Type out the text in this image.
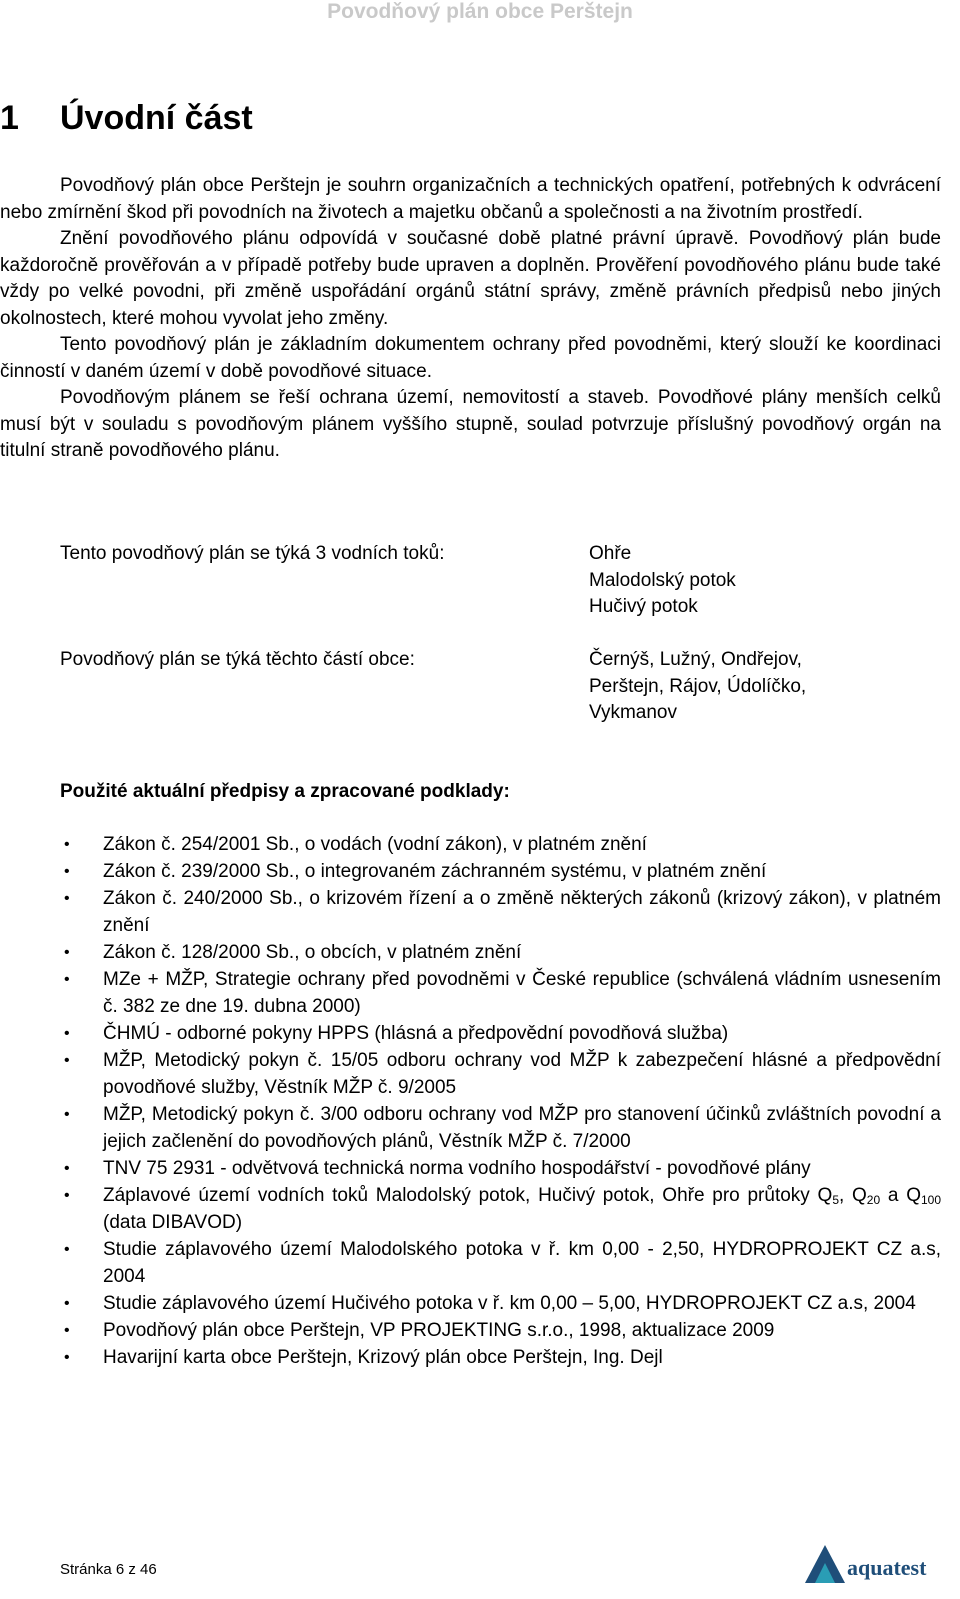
Povodňový plán obce Perštejn
1 Úvodní část

Povodňový plán obce Perštejn je souhrn organizačních a technických opatření, potřebných k odvrácení nebo zmírnění škod při povodních na životech a majetku občanů a společnosti a na životním prostředí.

Znění povodňového plánu odpovídá v současné době platné právní úpravě. Povodňový plán bude každoročně prověřován a v případě potřeby bude upraven a doplněn. Prověření povodňového plánu bude také vždy po velké povodni, při změně uspořádání orgánů státní správy, změně právních předpisů nebo jiných okolnostech, které mohou vyvolat jeho změny.

Tento povodňový plán je základním dokumentem ochrany před povodněmi, který slouží ke koordinaci činností v daném území v době povodňové situace.

Povodňovým plánem se řeší ochrana území, nemovitostí a staveb. Povodňové plány menších celků musí být v souladu s povodňovým plánem vyššího stupně, soulad potvrzuje příslušný povodňový orgán na titulní straně povodňového plánu.

Tento povodňový plán se týká 3 vodních toků:	Ohře
Malodolský potok
Hučivý potok
Povodňový plán se týká těchto částí obce:	Černýš, Lužný, Ondřejov,
Perštejn, Rájov, Údolíčko,
Vykmanov
Použité aktuální předpisy a zpracované podklady:
• Zákon č. 254/2001 Sb., o vodách (vodní zákon), v platném znění
• Zákon č. 239/2000 Sb., o integrovaném záchranném systému, v platném znění
• Zákon č. 240/2000 Sb., o krizovém řízení a o změně některých zákonů (krizový zákon), v platném znění
• Zákon č. 128/2000 Sb., o obcích, v platném znění
• MZe + MŽP, Strategie ochrany před povodněmi v České republice (schválená vládním usnesením č. 382 ze dne 19. dubna 2000)
• ČHMÚ - odborné pokyny HPPS (hlásná a předpovědní povodňová služba)
• MŽP, Metodický pokyn č. 15/05 odboru ochrany vod MŽP k zabezpečení hlásné a předpovědní povodňové služby, Věstník MŽP č. 9/2005
• MŽP, Metodický pokyn č. 3/00 odboru ochrany vod MŽP pro stanovení účinků zvláštních povodní a jejich začlenění do povodňových plánů, Věstník MŽP č. 7/2000
• TNV 75 2931 - odvětvová technická norma vodního hospodářství - povodňové plány
• Záplavové území vodních toků Malodolský potok, Hučivý potok, Ohře pro průtoky $Q_5$, $Q_{20}$ a $Q_{100}$ (data DIBAVOD)
• Studie záplavového území Malodolského potoka v ř. km 0,00 - 2,50, HYDROPROJEKT CZ a.s, 2004
• Studie záplavového území Hučivého potoka v ř. km 0,00 – 5,00, HYDROPROJEKT CZ a.s, 2004
• Povodňový plán obce Perštejn, VP PROJEKTING s.r.o., 1998, aktualizace 2009
• Havarijní karta obce Perštejn, Krizový plán obce Perštejn, Ing. Dejl
Stránka 6 z 46	aquatest
